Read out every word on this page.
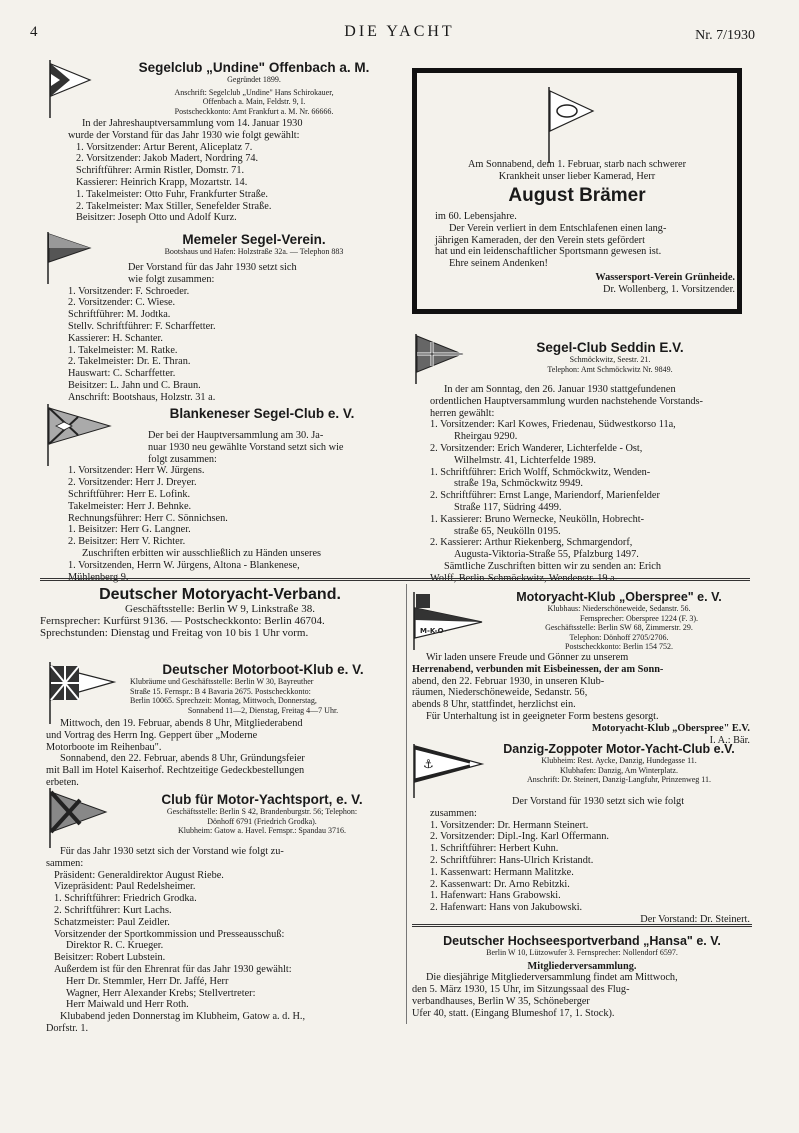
4	DIE YACHT	Nr. 7/1930
Segelclub „Undine" Offenbach a. M.
Gegründet 1899.
Anschrift: Segelclub „Undine" Hans Schirokauer,
Offenbach a. Main, Feldstr. 9, I.
Postscheckkonto: Amt Frankfurt a. M. Nr. 66666.
In der Jahreshauptversammlung vom 14. Januar 1930
wurde der Vorstand für das Jahr 1930 wie folgt gewählt:
1. Vorsitzender: Artur Berent, Aliceplatz 7.
2. Vorsitzender: Jakob Madert, Nordring 74.
Schriftführer: Armin Ristler, Domstr. 71.
Kassierer: Heinrich Krapp, Mozartstr. 14.
1. Takelmeister: Otto Fuhr, Frankfurter Straße.
2. Takelmeister: Max Stiller, Senefelder Straße.
Beisitzer: Joseph Otto und Adolf Kurz.
Memeler Segel-Verein.
Bootshaus und Hafen: Holzstraße 32a. — Telephon 883
Der Vorstand für das Jahr 1930 setzt sich
wie folgt zusammen:
1. Vorsitzender: F. Schroeder.
2. Vorsitzender: C. Wiese.
Schriftführer: M. Jodtka.
Stellv. Schriftführer: F. Scharffetter.
Kassierer: H. Schanter.
1. Takelmeister: M. Ratke.
2. Takelmeister: Dr. E. Thran.
Hauswart: C. Scharffetter.
Beisitzer: L. Jahn und C. Braun.
Anschrift: Bootshaus, Holzstr. 31 a.
Blankeneser Segel-Club e. V.
Der bei der Hauptversammlung am 30. Ja-
nuar 1930 neu gewählte Vorstand setzt sich wie
folgt zusammen:
1. Vorsitzender: Herr W. Jürgens.
2. Vorsitzender: Herr J. Dreyer.
Schriftführer: Herr E. Lofink.
Takelmeister: Herr J. Behnke.
Rechnungsführer: Herr C. Sönnichsen.
1. Beisitzer: Herr G. Langner.
2. Beisitzer: Herr V. Richter.
Zuschriften erbitten wir ausschließlich zu Händen unseres
1. Vorsitzenden, Herrn W. Jürgens, Altona - Blankenese,
Mühlenberg 9.
Am Sonnabend, dem 1. Februar, starb nach schwerer
Krankheit unser lieber Kamerad, Herr
August Brämer
im 60. Lebensjahre.
Der Verein verliert in dem Entschlafenen einen lang-
jährigen Kameraden, der den Verein stets gefördert
hat und ein leidenschaftlicher Sportsmann gewesen ist.
Ehre seinem Andenken!
Wassersport-Verein Grünheide.
Dr. Wollenberg, 1. Vorsitzender.
Segel-Club Seddin E.V.
Schmöckwitz, Seestr. 21.
Telephon: Amt Schmöckwitz Nr. 9849.
In der am Sonntag, den 26. Januar 1930 stattgefundenen
ordentlichen Hauptversammlung wurden nachstehende Vorstands-
herren gewählt:
1. Vorsitzender: Karl Kowes, Friedenau, Südwestkorso 11a,
Rheirgau 9290.
2. Vorsitzender: Erich Wanderer, Lichterfelde - Ost,
Wilhelmstr. 41, Lichterfelde 1989.
1. Schriftführer: Erich Wolff, Schmöckwitz, Wenden-
straße 19a, Schmöckwitz 9949.
2. Schriftführer: Ernst Lange, Mariendorf, Marienfelder
Straße 117, Südring 4499.
1. Kassierer: Bruno Wernecke, Neukölln, Hobrecht-
straße 65, Neukölln 0195.
2. Kassierer: Arthur Riekenberg, Schmargendorf,
Augusta-Viktoria-Straße 55, Pfalzburg 1497.
Sämtliche Zuschriften bitten wir zu senden an: Erich
Wolff, Berlin-Schmöckwitz, Wendenstr. 19 a.
Deutscher Motoryacht-Verband.
Geschäftsstelle: Berlin W 9, Linkstraße 38.
Fernsprecher: Kurfürst 9136. — Postscheckkonto: Berlin 46704.
Sprechstunden: Dienstag und Freitag von 10 bis 1 Uhr vorm.
Deutscher Motorboot-Klub e. V.
Klubräume und Geschäftsstelle: Berlin W 30, Bayreuther
Straße 15. Fernspr.: B 4 Bavaria 2675. Postscheckkonto:
Berlin 10065. Sprechzeit: Montag, Mittwoch, Donnerstag,
Sonnabend 11—2, Dienstag, Freitag 4—7 Uhr.
Mittwoch, den 19. Februar, abends 8 Uhr, Mitgliederabend
und Vortrag des Herrn Ing. Geppert über „Moderne
Motorboote im Reihenbau".
Sonnabend, den 22. Februar, abends 8 Uhr, Gründungsfeier
mit Ball im Hotel Kaiserhof. Rechtzeitige Gedeckbestellungen
erbeten.
Club für Motor-Yachtsport, e. V.
Geschäftsstelle: Berlin S 42, Brandenburgstr. 56; Telephon:
Dönhoff 6791 (Friedrich Grodka).
Klubheim: Gatow a. Havel. Fernspr.: Spandau 3716.
Für das Jahr 1930 setzt sich der Vorstand wie folgt zu-
sammen:
Präsident: Generaldirektor August Riebe.
Vizepräsident: Paul Redelsheimer.
1. Schriftführer: Friedrich Grodka.
2. Schriftführer: Kurt Lachs.
Schatzmeister: Paul Zeidler.
Vorsitzender der Sportkommission und Presseausschuß:
Direktor R. C. Krueger.
Beisitzer: Robert Lubstein.
Außerdem ist für den Ehrenrat für das Jahr 1930 gewählt:
Herr Dr. Stemmler, Herr Dr. Jaffé, Herr
Wagner, Herr Alexander Krebs; Stellvertreter:
Herr Maiwald und Herr Roth.
Klubabend jeden Donnerstag im Klubheim, Gatow a. d. H.,
Dorfstr. 1.
M-K-O-
Motoryacht-Klub „Oberspree" e. V.
Klubhaus: Niederschöneweide, Sedanstr. 56.
Fernsprecher: Oberspree 1224 (F. 3).
Geschäftsstelle: Berlin SW 68, Zimmerstr. 29.
Telephon: Dönhoff 2705/2706.
Postscheckkonto: Berlin 154 752.
Wir laden unsere Freude und Gönner zu unserem
Herrenabend, verbunden mit Eisbeinessen, der am Sonn-
abend, den 22. Februar 1930, in unseren Klub-
räumen, Niederschöneweide, Sedanstr. 56,
abends 8 Uhr, stattfindet, herzlichst ein.
Für Unterhaltung ist in geeigneter Form bestens gesorgt.
Motoryacht-Klub „Oberspree" E.V.
I. A.: Bär.
⚓
Danzig-Zoppoter Motor-Yacht-Club e.V.
Klubheim: Rest. Aycke, Danzig, Hundegasse 11.
Klubhafen: Danzig, Am Winterplatz.
Anschrift: Dr. Steinert, Danzig-Langfuhr, Prinzenweg 11.
Der Vorstand für 1930 setzt sich wie folgt
zusammen:
1. Vorsitzender: Dr. Hermann Steinert.
2. Vorsitzender: Dipl.-Ing. Karl Offermann.
1. Schriftführer: Herbert Kuhn.
2. Schriftführer: Hans-Ulrich Kristandt.
1. Kassenwart: Hermann Malitzke.
2. Kassenwart: Dr. Arno Rebitzki.
1. Hafenwart: Hans Grabowski.
2. Hafenwart: Hans von Jakubowski.
Der Vorstand: Dr. Steinert.
Deutscher Hochseesportverband „Hansa" e. V.
Berlin W 10, Lützowufer 3. Fernsprecher: Nollendorf 6597.
Mitgliederversammlung.
Die diesjährige Mitgliederversammlung findet am Mittwoch,
den 5. März 1930, 15 Uhr, im Sitzungssaal des Flug-
verbandhauses, Berlin W 35, Schöneberger
Ufer 40, statt. (Eingang Blumeshof 17, 1. Stock).
